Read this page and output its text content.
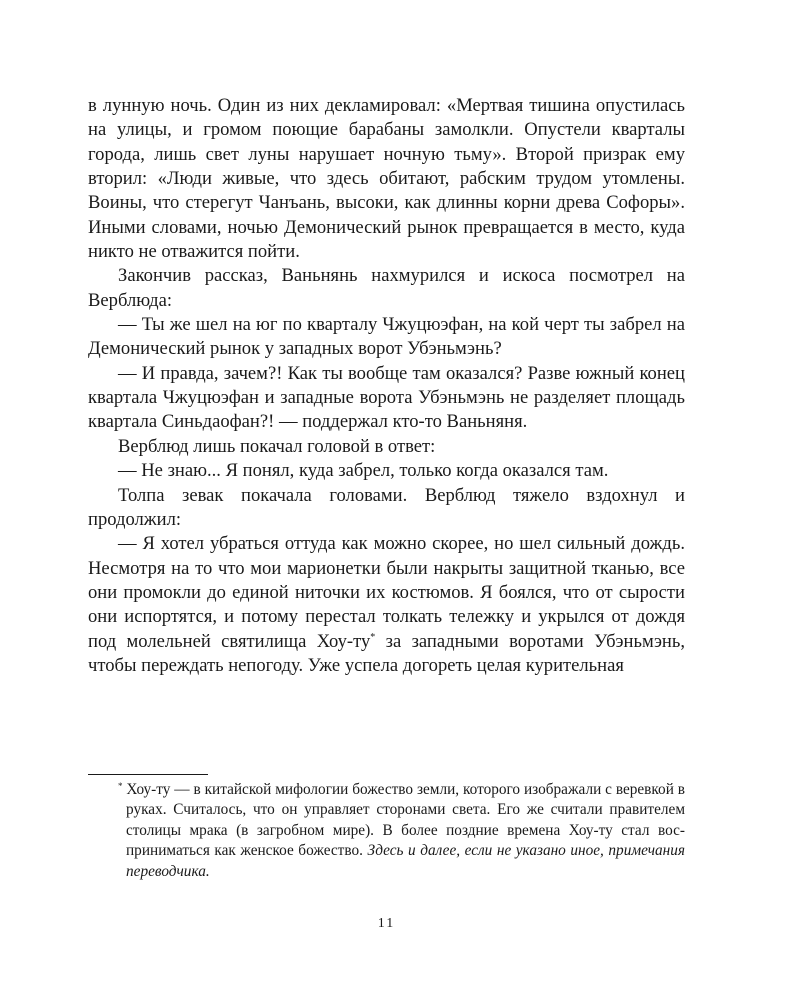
в лунную ночь. Один из них декламировал: «Мертвая тишина опустилась на улицы, и громом поющие барабаны замолкли. Опустели кварталы города, лишь свет луны нарушает ночную тьму». Второй призрак ему вторил: «Люди живые, что здесь обитают, рабским трудом утомлены. Воины, что стерегут Чанъань, высоки, как длинны корни древа Софоры». Иными словами, ночью Демонический рынок превращается в место, куда никто не отважится пойти.

Закончив рассказ, Ваньнянь нахмурился и искоса посмотрел на Верблюда:

— Ты же шел на юг по кварталу Чжуцюэфан, на кой черт ты забрел на Демонический рынок у западных ворот Убэньмэнь?

— И правда, зачем?! Как ты вообще там оказался? Разве южный конец квартала Чжуцюэфан и западные ворота Убэньмэнь не разделяет площадь квартала Синьдаофан?! — поддержал кто-то Ваньняня.

Верблюд лишь покачал головой в ответ:

— Не знаю... Я понял, куда забрел, только когда оказался там.

Толпа зевак покачала головами. Верблюд тяжело вздохнул и продолжил:

— Я хотел убраться оттуда как можно скорее, но шел сильный дождь. Несмотря на то что мои марионетки были накрыты защитной тканью, все они промокли до единой ниточки их костюмов. Я боялся, что от сырости они испортятся, и потому перестал толкать тележку и укрылся от дождя под молельней святилища Хоу-ту* за западными воротами Убэньмэнь, чтобы переждать непогоду. Уже успела догореть целая курительная

* Хоу-ту — в китайской мифологии божество земли, которого изображали с веревкой в руках. Считалось, что он управляет сторонами света. Его же считали правителем столицы мрака (в загробном мире). В более поздние времена Хоу-ту стал восприниматься как женское божество. Здесь и далее, если не указано иное, примечания переводчика.

11
